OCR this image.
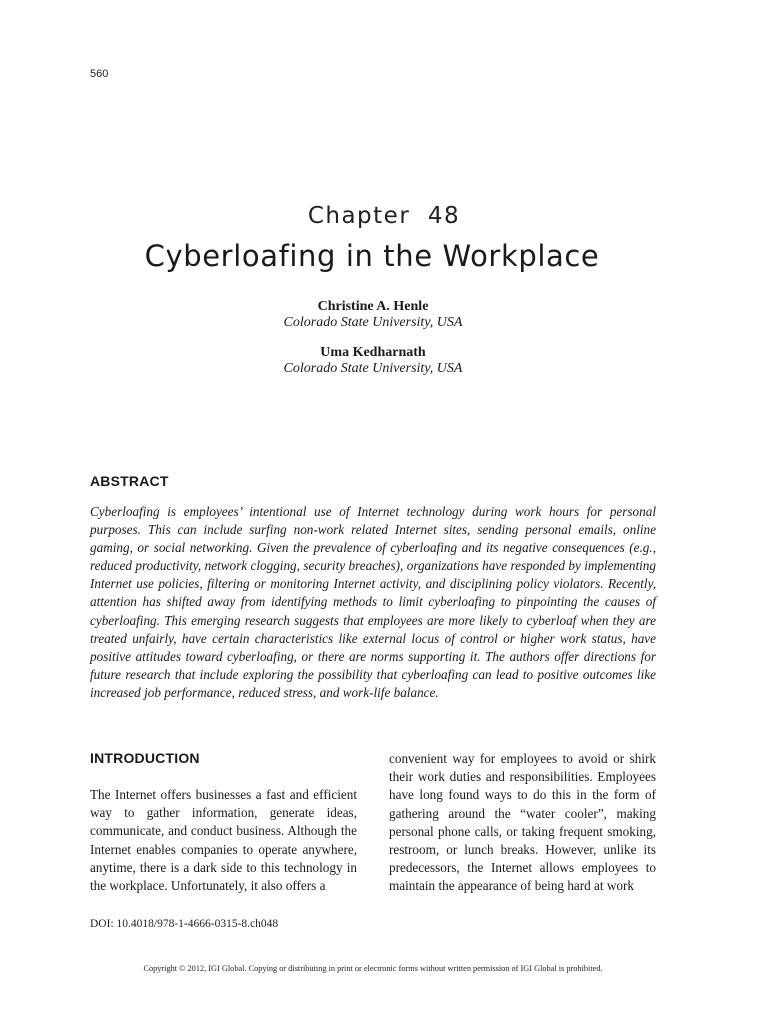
560
Chapter  48
Cyberloafing in the Workplace
Christine A. Henle
Colorado State University, USA
Uma Kedharnath
Colorado State University, USA
ABSTRACT
Cyberloafing is employees’ intentional use of Internet technology during work hours for personal purposes. This can include surfing non-work related Internet sites, sending personal emails, online gaming, or social networking. Given the prevalence of cyberloafing and its negative consequences (e.g., reduced productivity, network clogging, security breaches), organizations have responded by implementing Internet use policies, filtering or monitoring Internet activity, and disciplining policy violators. Recently, attention has shifted away from identifying methods to limit cyberloafing to pinpointing the causes of cyberloafing. This emerging research suggests that employees are more likely to cyberloaf when they are treated unfairly, have certain characteristics like external locus of control or higher work status, have positive attitudes toward cyberloafing, or there are norms supporting it. The authors offer directions for future research that include exploring the possibility that cyberloafing can lead to positive outcomes like increased job performance, reduced stress, and work-life balance.
INTRODUCTION
The Internet offers businesses a fast and efficient way to gather information, generate ideas, communicate, and conduct business. Although the Internet enables companies to operate anywhere, anytime, there is a dark side to this technology in the workplace. Unfortunately, it also offers a
convenient way for employees to avoid or shirk their work duties and responsibilities. Employees have long found ways to do this in the form of gathering around the “water cooler”, making personal phone calls, or taking frequent smoking, restroom, or lunch breaks. However, unlike its predecessors, the Internet allows employees to maintain the appearance of being hard at work
DOI: 10.4018/978-1-4666-0315-8.ch048
Copyright © 2012, IGI Global. Copying or distributing in print or electronic forms without written permission of IGI Global is prohibited.
